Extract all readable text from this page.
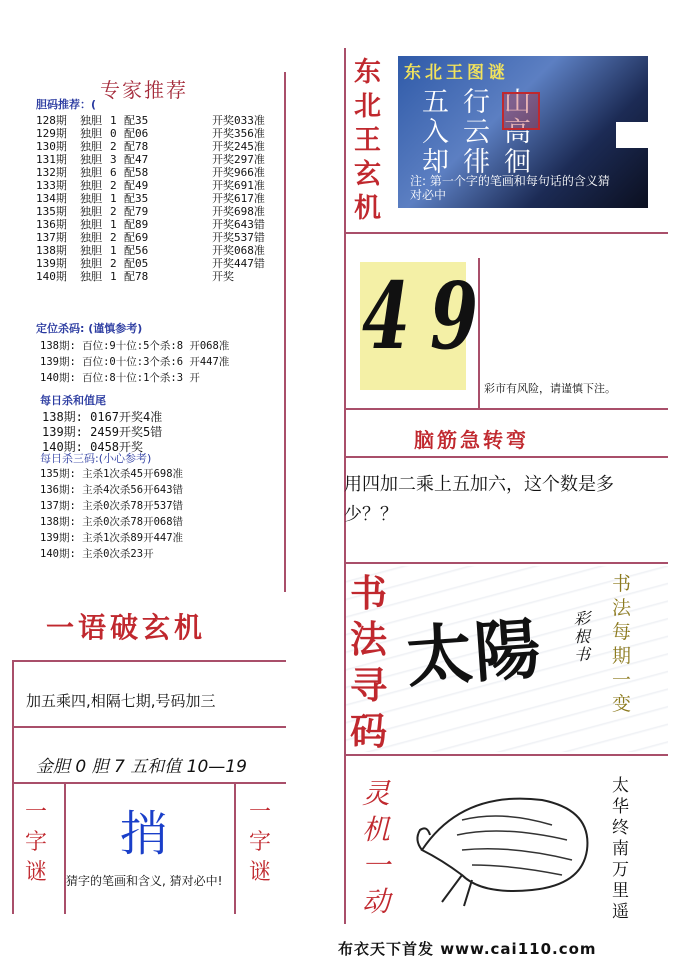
专家推荐
胆码推荐：(
128期 独胆 1 配35	开奖033准
129期 独胆 0 配06	开奖356准
130期 独胆 2 配78	开奖245准
131期 独胆 3 配47	开奖297准
132期 独胆 6 配58	开奖966准
133期 独胆 2 配49	开奖691准
134期 独胆 1 配35	开奖617准
135期 独胆 2 配79	开奖698准
136期 独胆 1 配89	开奖643错
137期 独胆 2 配69	开奖537错
138期 独胆 1 配56	开奖068准
139期 独胆 2 配05	开奖447错
140期 独胆 1 配78	开奖
定位杀码: (谨慎参考)
138期: 百位:9十位:5个杀:8 开068准
139期: 百位:0十位:3个杀:6 开447准
140期: 百位:8十位:1个杀:3 开
每日杀和值尾
138期: 0167开奖4准
139期: 2459开奖5错
140期: 0458开奖
每日杀三码:(小心参考)
135期: 主杀1次杀45开698准
136期: 主杀4次杀56开643错
137期: 主杀0次杀78开537错
138期: 主杀0次杀78开068错
139期: 主杀1次杀89开447准
140期: 主杀0次杀23开
一语破玄机
加五乘四,相隔七期,号码加三
金胆 0 胆 7 五和值 10—19
一字谜
一字谜
捎
猜字的笔画和含义, 猜对必中!
东北王玄机
东北王图谜
五行山
入云高
却徘徊
注: 第一个字的笔画和每句话的含义猜对必中
4 9
彩市有风险，请谨慎下注。
脑筋急转弯
用四加二乘上五加六，这个数是多少？？
书法寻码
太陽 彩根书
书法每期一变
灵机一动
太华终南万里遥
布衣天下首发 www.cai110.com
